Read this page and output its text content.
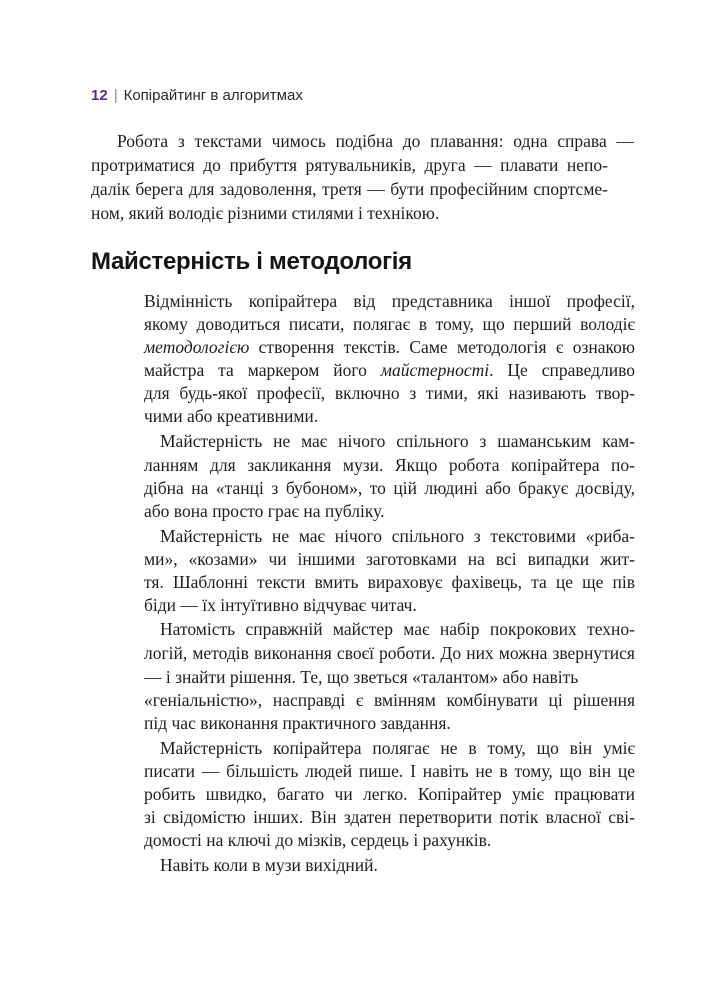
12 | Копірайтинг в алгоритмах
Робота з текстами чимось подібна до плавання: одна справа —
протриматися до прибуття рятувальників, друга — плавати непо-
далік берега для задоволення, третя — бути професійним спортсме-
ном, який володіє різними стилями і технікою.
Майстерність і методологія
Відмінність копірайтера від представника іншої професії,
якому доводиться писати, полягає в тому, що перший володіє
методологією створення текстів. Саме методологія є ознакою
майстра та маркером його майстерності. Це справедливо
для будь-якої професії, включно з тими, які називають твор-
чими або креативними.
Майстерність не має нічого спільного з шаманським кам-
ланням для закликання музи. Якщо робота копірайтера по-
дібна на «танці з бубоном», то цій людині або бракує досвіду,
або вона просто грає на публіку.
Майстерність не має нічого спільного з текстовими «риба-
ми», «козами» чи іншими заготовками на всі випадки жит-
тя. Шаблонні тексти вмить вираховує фахівець, та це ще пів
біди — їх інтуїтивно відчуває читач.
Натомість справжній майстер має набір покрокових техно-
логій, методів виконання своєї роботи. До них можна звернутися — і знайти рішення. Те, що зветься «талантом» або навіть
«геніальністю», насправді є вмінням комбінувати ці рішення
під час виконання практичного завдання.
Майстерність копірайтера полягає не в тому, що він уміє
писати — більшість людей пише. І навіть не в тому, що він це
робить швидко, багато чи легко. Копірайтер уміє працювати
зі свідомістю інших. Він здатен перетворити потік власної сві-
домості на ключі до мізків, сердець і рахунків.
Навіть коли в музи вихідний.
